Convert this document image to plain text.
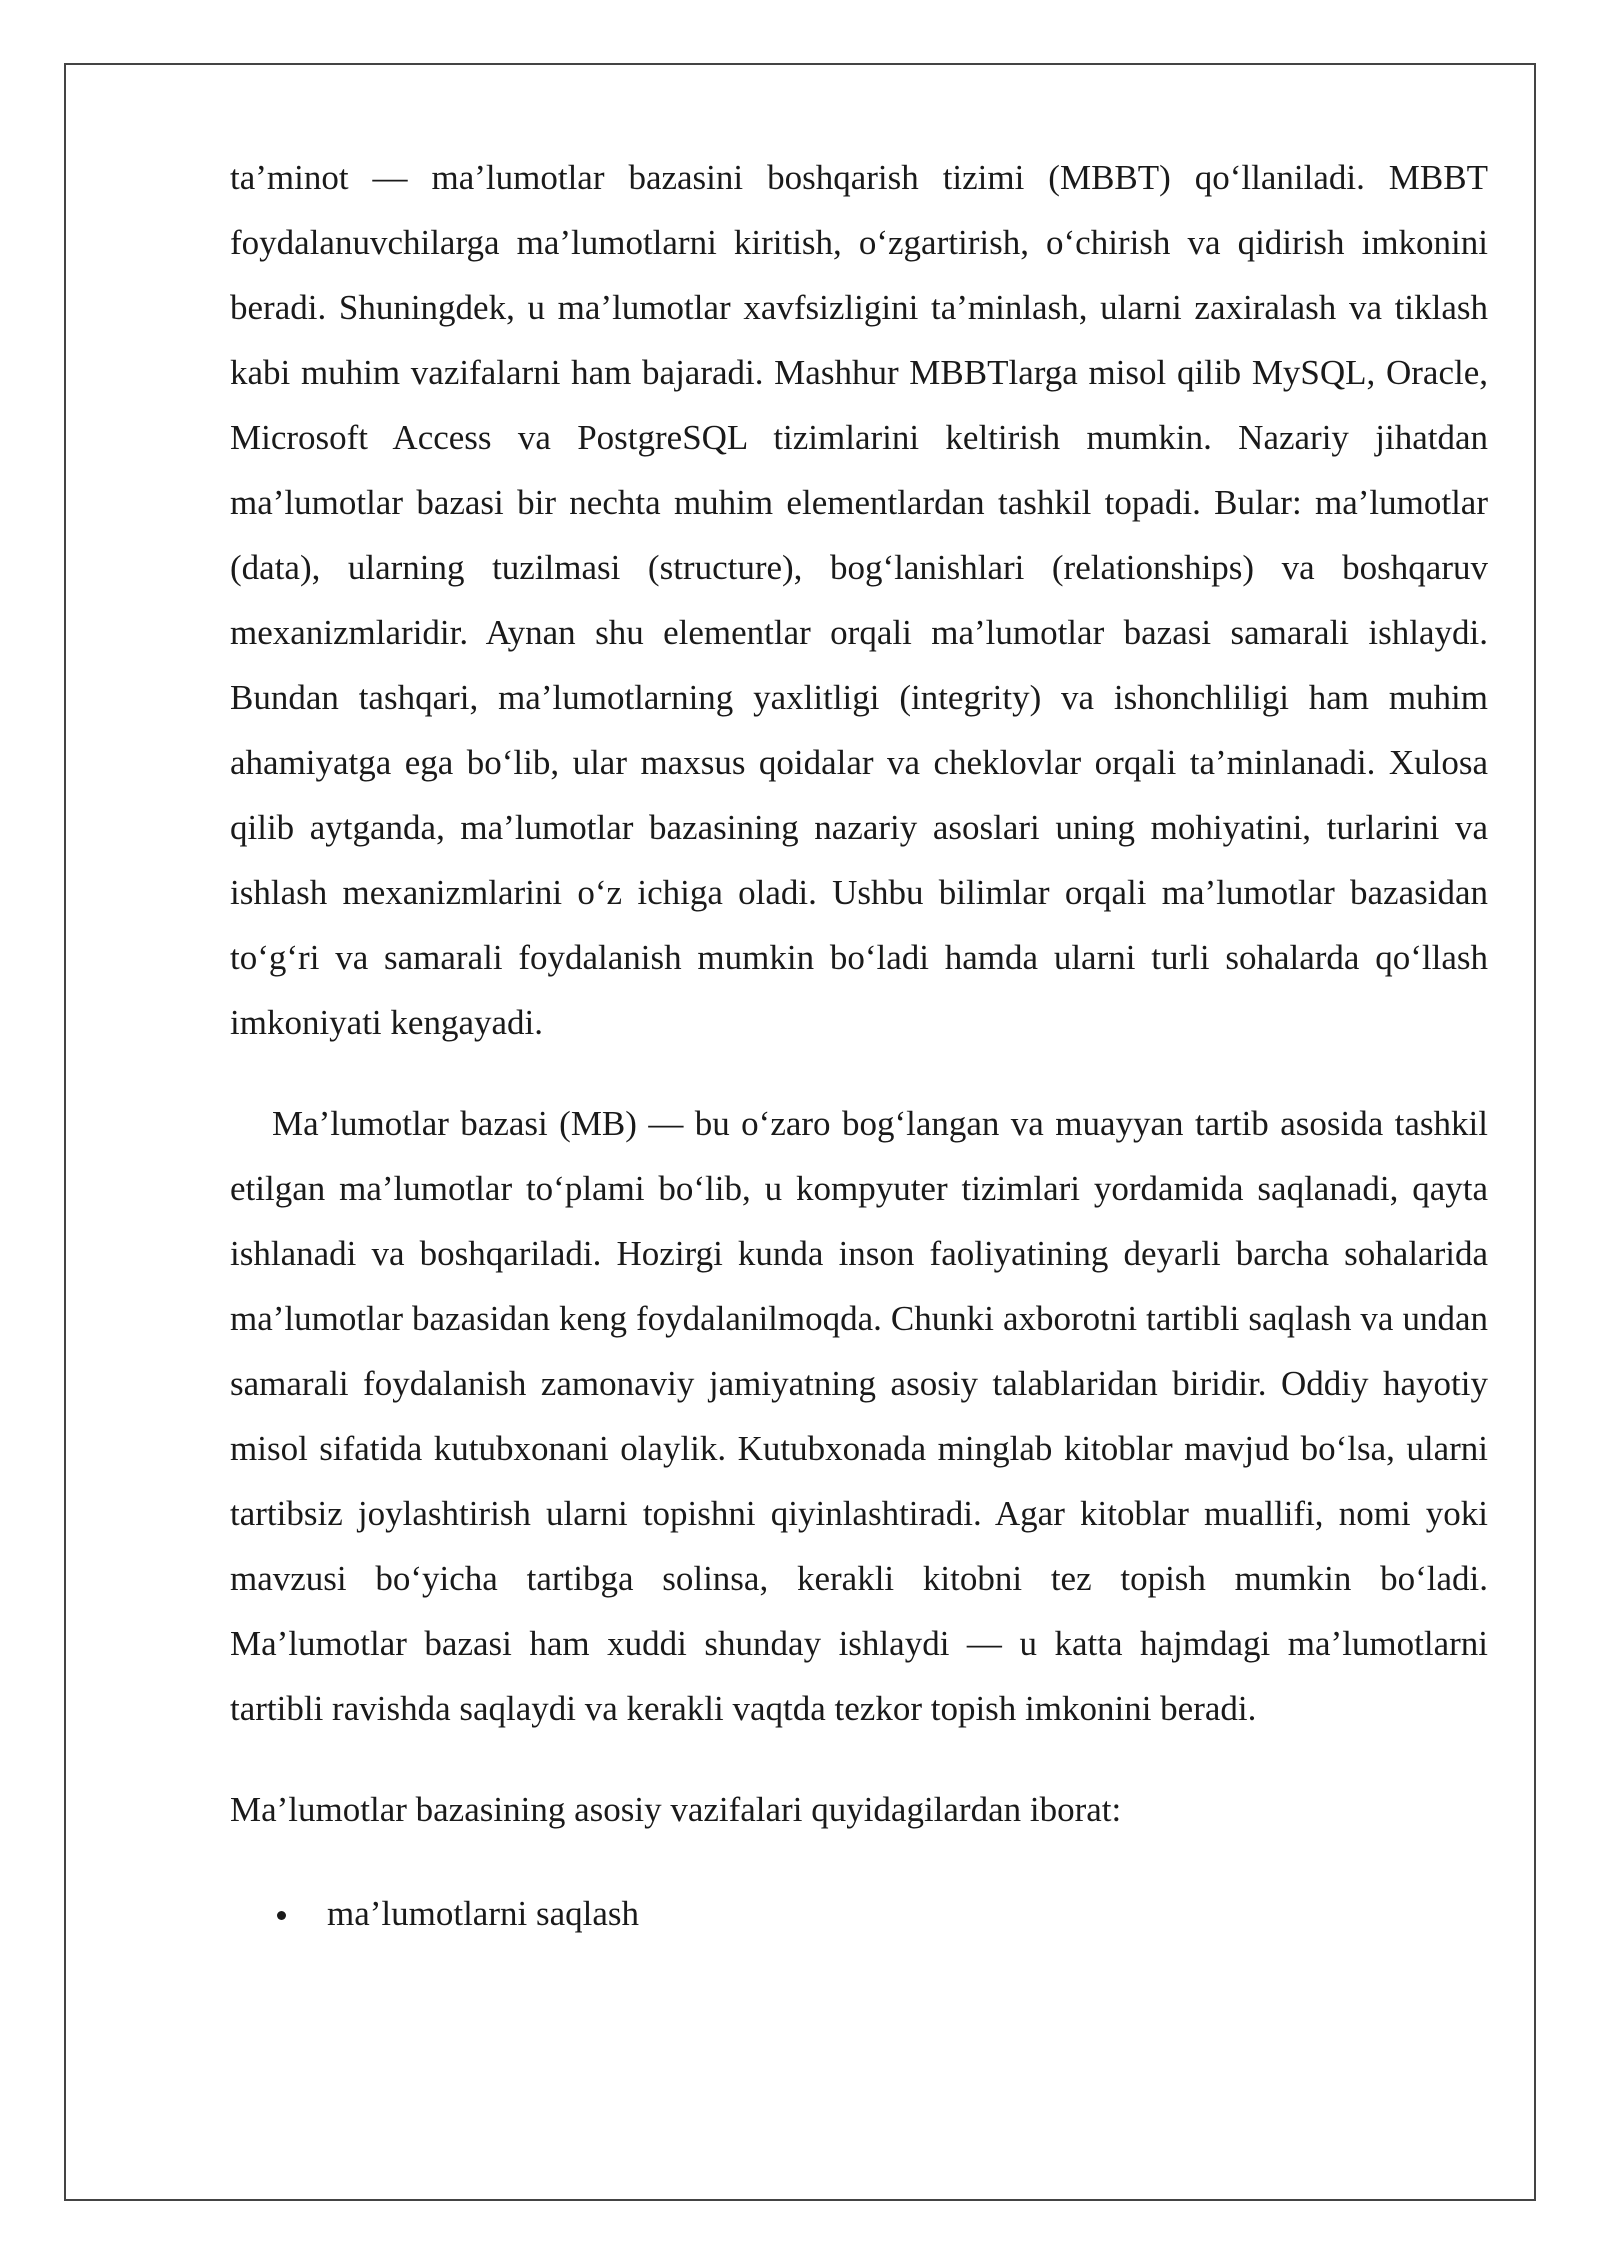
ta’minot — ma’lumotlar bazasini boshqarish tizimi (MBBT) qo‘llaniladi. MBBT foydalanuvchilarga ma’lumotlarni kiritish, o‘zgartirish, o‘chirish va qidirish imkonini beradi. Shuningdek, u ma’lumotlar xavfsizligini ta’minlash, ularni zaxiralash va tiklash kabi muhim vazifalarni ham bajaradi. Mashhur MBBTlarga misol qilib MySQL, Oracle, Microsoft Access va PostgreSQL tizimlarini keltirish mumkin. Nazariy jihatdan ma’lumotlar bazasi bir nechta muhim elementlardan tashkil topadi. Bular: ma’lumotlar (data), ularning tuzilmasi (structure), bog‘lanishlari (relationships) va boshqaruv mexanizmlaridir. Aynan shu elementlar orqali ma’lumotlar bazasi samarali ishlaydi. Bundan tashqari, ma’lumotlarning yaxlitligi (integrity) va ishonchliligi ham muhim ahamiyatga ega bo‘lib, ular maxsus qoidalar va cheklovlar orqali ta’minlanadi. Xulosa qilib aytganda, ma’lumotlar bazasining nazariy asoslari uning mohiyatini, turlarini va ishlash mexanizmlarini o‘z ichiga oladi. Ushbu bilimlar orqali ma’lumotlar bazasidan to‘g‘ri va samarali foydalanish mumkin bo‘ladi hamda ularni turli sohalarda qo‘llash imkoniyati kengayadi.

Ma’lumotlar bazasi (MB) — bu o‘zaro bog‘langan va muayyan tartib asosida tashkil etilgan ma’lumotlar to‘plami bo‘lib, u kompyuter tizimlari yordamida saqlanadi, qayta ishlanadi va boshqariladi. Hozirgi kunda inson faoliyatining deyarli barcha sohalarida ma’lumotlar bazasidan keng foydalanilmoqda. Chunki axborotni tartibli saqlash va undan samarali foydalanish zamonaviy jamiyatning asosiy talablaridan biridir. Oddiy hayotiy misol sifatida kutubxonani olaylik. Kutubxonada minglab kitoblar mavjud bo‘lsa, ularni tartibsiz joylashtirish ularni topishni qiyinlashtiradi. Agar kitoblar muallifi, nomi yoki mavzusi bo‘yicha tartibga solinsa, kerakli kitobni tez topish mumkin bo‘ladi. Ma’lumotlar bazasi ham xuddi shunday ishlaydi — u katta hajmdagi ma’lumotlarni tartibli ravishda saqlaydi va kerakli vaqtda tezkor topish imkonini beradi.

Ma’lumotlar bazasining asosiy vazifalari quyidagilardan iborat:

ma’lumotlarni saqlash
